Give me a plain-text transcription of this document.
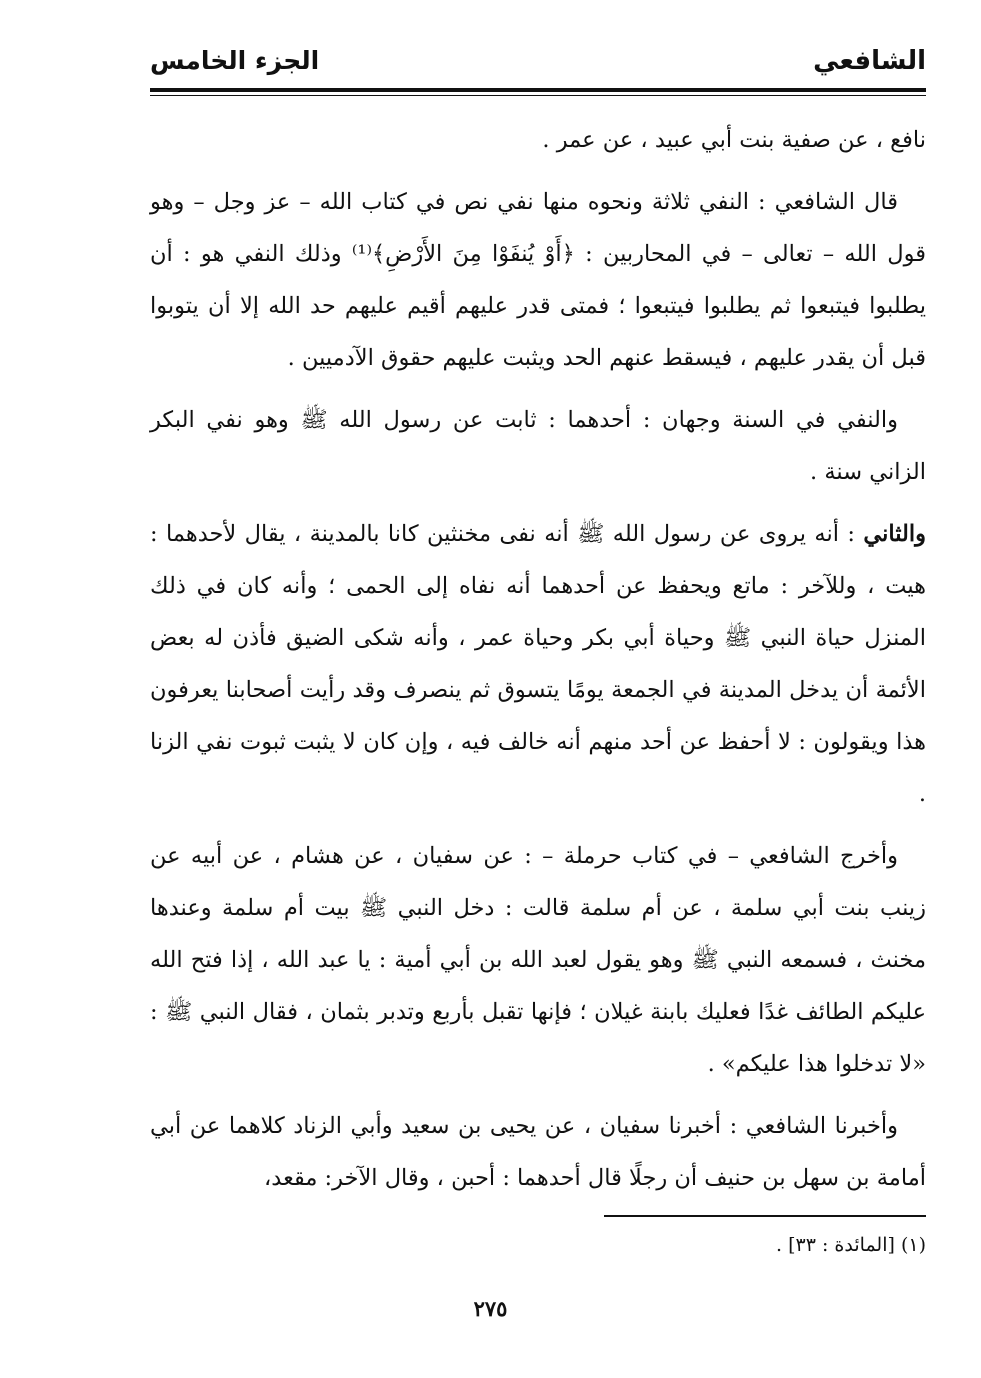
الشافعي
الجزء الخامس

نافع ، عن صفية بنت أبي عبيد ، عن عمر .

قال الشافعي : النفي ثلاثة ونحوه منها نفي نص في كتاب الله – عز وجل – وهو قول الله – تعالى – في المحاربين : ﴿أَوْ يُنفَوْا مِنَ الأَرْضِ﴾⁽¹⁾ وذلك النفي هو : أن يطلبوا فيتبعوا ثم يطلبوا فيتبعوا ؛ فمتى قدر عليهم أقيم عليهم حد الله إلا أن يتوبوا قبل أن يقدر عليهم ، فيسقط عنهم الحد ويثبت عليهم حقوق الآدميين .

والنفي في السنة وجهان : أحدهما : ثابت عن رسول الله ﷺ وهو نفي البكر الزاني سنة .

والثاني : أنه يروى عن رسول الله ﷺ أنه نفى مخنثين كانا بالمدينة ، يقال لأحدهما : هيت ، وللآخر : ماتع ويحفظ عن أحدهما أنه نفاه إلى الحمى ؛ وأنه كان في ذلك المنزل حياة النبي ﷺ وحياة أبي بكر وحياة عمر ، وأنه شكى الضيق فأذن له بعض الأئمة أن يدخل المدينة في الجمعة يومًا يتسوق ثم ينصرف وقد رأيت أصحابنا يعرفون هذا ويقولون : لا أحفظ عن أحد منهم أنه خالف فيه ، وإن كان لا يثبت ثبوت نفي الزنا .

وأخرج الشافعي – في كتاب حرملة – : عن سفيان ، عن هشام ، عن أبيه عن زينب بنت أبي سلمة ، عن أم سلمة قالت : دخل النبي ﷺ بيت أم سلمة وعندها مخنث ، فسمعه النبي ﷺ وهو يقول لعبد الله بن أبي أمية : يا عبد الله ، إذا فتح الله عليكم الطائف غدًا فعليك بابنة غيلان ؛ فإنها تقبل بأربع وتدبر بثمان ، فقال النبي ﷺ : «لا تدخلوا هذا عليكم» .

وأخبرنا الشافعي : أخبرنا سفيان ، عن يحيى بن سعيد وأبي الزناد كلاهما عن أبي أمامة بن سهل بن حنيف أن رجلًا قال أحدهما : أحبن ، وقال الآخر: مقعد،

(١) [المائدة : ٣٣] .
٢٧٥
